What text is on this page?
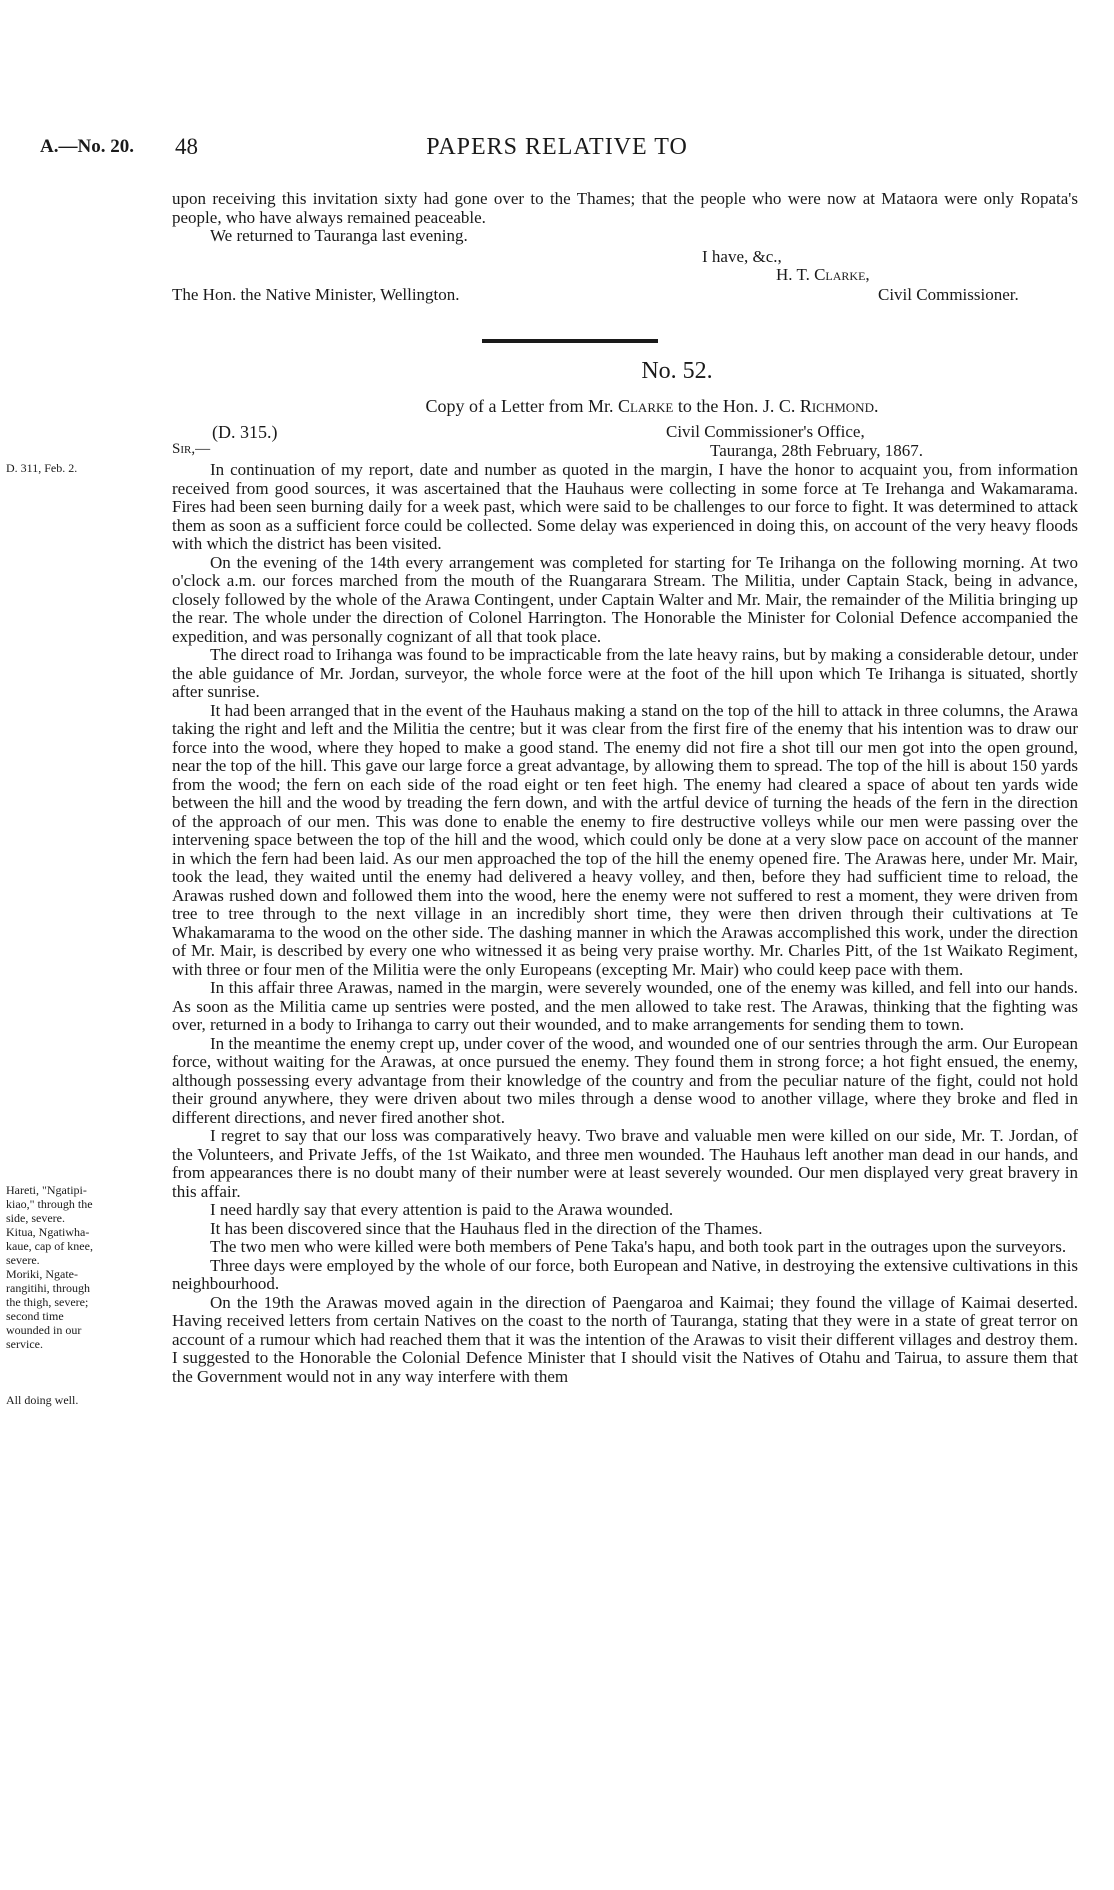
A.—No. 20. 48	PAPERS RELATIVE TO

upon receiving this invitation sixty had gone over to the Thames; that the people who were now at Mataora were only Ropata's people, who have always remained peaceable.

We returned to Tauranga last evening.

I have, &c.,
H. T. Clarke,
The Hon. the Native Minister, Wellington.	Civil Commissioner.
No. 52.
Copy of a Letter from Mr. Clarke to the Hon. J. C. Richmond.
(D. 315.)	Civil Commissioner's Office,
Sir,—	Tauranga, 28th February, 1867.

In continuation of my report, date and number as quoted in the margin, I have the honor to acquaint you, from information received from good sources, it was ascertained that the Hauhaus were collecting in some force at Te Irehanga and Wakamarama. Fires had been seen burning daily for a week past, which were said to be challenges to our force to fight. It was determined to attack them as soon as a sufficient force could be collected. Some delay was experienced in doing this, on account of the very heavy floods with which the district has been visited.

On the evening of the 14th every arrangement was completed for starting for Te Irihanga on the following morning. At two o'clock a.m. our forces marched from the mouth of the Ruangarara Stream. The Militia, under Captain Stack, being in advance, closely followed by the whole of the Arawa Contingent, under Captain Walter and Mr. Mair, the remainder of the Militia bringing up the rear. The whole under the direction of Colonel Harrington. The Honorable the Minister for Colonial Defence accompanied the expedition, and was personally cognizant of all that took place.

The direct road to Irihanga was found to be impracticable from the late heavy rains, but by making a considerable detour, under the able guidance of Mr. Jordan, surveyor, the whole force were at the foot of the hill upon which Te Irihanga is situated, shortly after sunrise.

It had been arranged that in the event of the Hauhaus making a stand on the top of the hill to attack in three columns, the Arawa taking the right and left and the Militia the centre; but it was clear from the first fire of the enemy that his intention was to draw our force into the wood, where they hoped to make a good stand. The enemy did not fire a shot till our men got into the open ground, near the top of the hill. This gave our large force a great advantage, by allowing them to spread. The top of the hill is about 150 yards from the wood; the fern on each side of the road eight or ten feet high. The enemy had cleared a space of about ten yards wide between the hill and the wood by treading the fern down, and with the artful device of turning the heads of the fern in the direction of the approach of our men. This was done to enable the enemy to fire destructive volleys while our men were passing over the intervening space between the top of the hill and the wood, which could only be done at a very slow pace on account of the manner in which the fern had been laid. As our men approached the top of the hill the enemy opened fire. The Arawas here, under Mr. Mair, took the lead, they waited until the enemy had delivered a heavy volley, and then, before they had sufficient time to reload, the Arawas rushed down and followed them into the wood, here the enemy were not suffered to rest a moment, they were driven from tree to tree through to the next village in an incredibly short time, they were then driven through their cultivations at Te Whakamarama to the wood on the other side. The dashing manner in which the Arawas accomplished this work, under the direction of Mr. Mair, is described by every one who witnessed it as being very praise worthy. Mr. Charles Pitt, of the 1st Waikato Regiment, with three or four men of the Militia were the only Europeans (excepting Mr. Mair) who could keep pace with them.

In this affair three Arawas, named in the margin, were severely wounded, one of the enemy was killed, and fell into our hands. As soon as the Militia came up sentries were posted, and the men allowed to take rest. The Arawas, thinking that the fighting was over, returned in a body to Irihanga to carry out their wounded, and to make arrangements for sending them to town.

In the meantime the enemy crept up, under cover of the wood, and wounded one of our sentries through the arm. Our European force, without waiting for the Arawas, at once pursued the enemy. They found them in strong force; a hot fight ensued, the enemy, although possessing every advantage from their knowledge of the country and from the peculiar nature of the fight, could not hold their ground anywhere, they were driven about two miles through a dense wood to another village, where they broke and fled in different directions, and never fired another shot.

I regret to say that our loss was comparatively heavy. Two brave and valuable men were killed on our side, Mr. T. Jordan, of the Volunteers, and Private Jeffs, of the 1st Waikato, and three men wounded. The Hauhaus left another man dead in our hands, and from appearances there is no doubt many of their number were at least severely wounded. Our men displayed very great bravery in this affair.

I need hardly say that every attention is paid to the Arawa wounded.

It has been discovered since that the Hauhaus fled in the direction of the Thames.

The two men who were killed were both members of Pene Taka's hapu, and both took part in the outrages upon the surveyors.

Three days were employed by the whole of our force, both European and Native, in destroying the extensive cultivations in this neighbourhood.

On the 19th the Arawas moved again in the direction of Paengaroa and Kaimai; they found the village of Kaimai deserted. Having received letters from certain Natives on the coast to the north of Tauranga, stating that they were in a state of great terror on account of a rumour which had reached them that it was the intention of the Arawas to visit their different villages and destroy them. I suggested to the Honorable the Colonial Defence Minister that I should visit the Natives of Otahu and Tairua, to assure them that the Government would not in any way interfere with them

D. 311, Feb. 2.
Hareti, "Ngatipi-
kiao," through the
side, severe.
Kitua, Ngatiwha-
kaue, cap of knee,
severe.
Moriki, Ngate-
rangitihi, through
the thigh, severe;
second time
wounded in our
service.
All doing well.
